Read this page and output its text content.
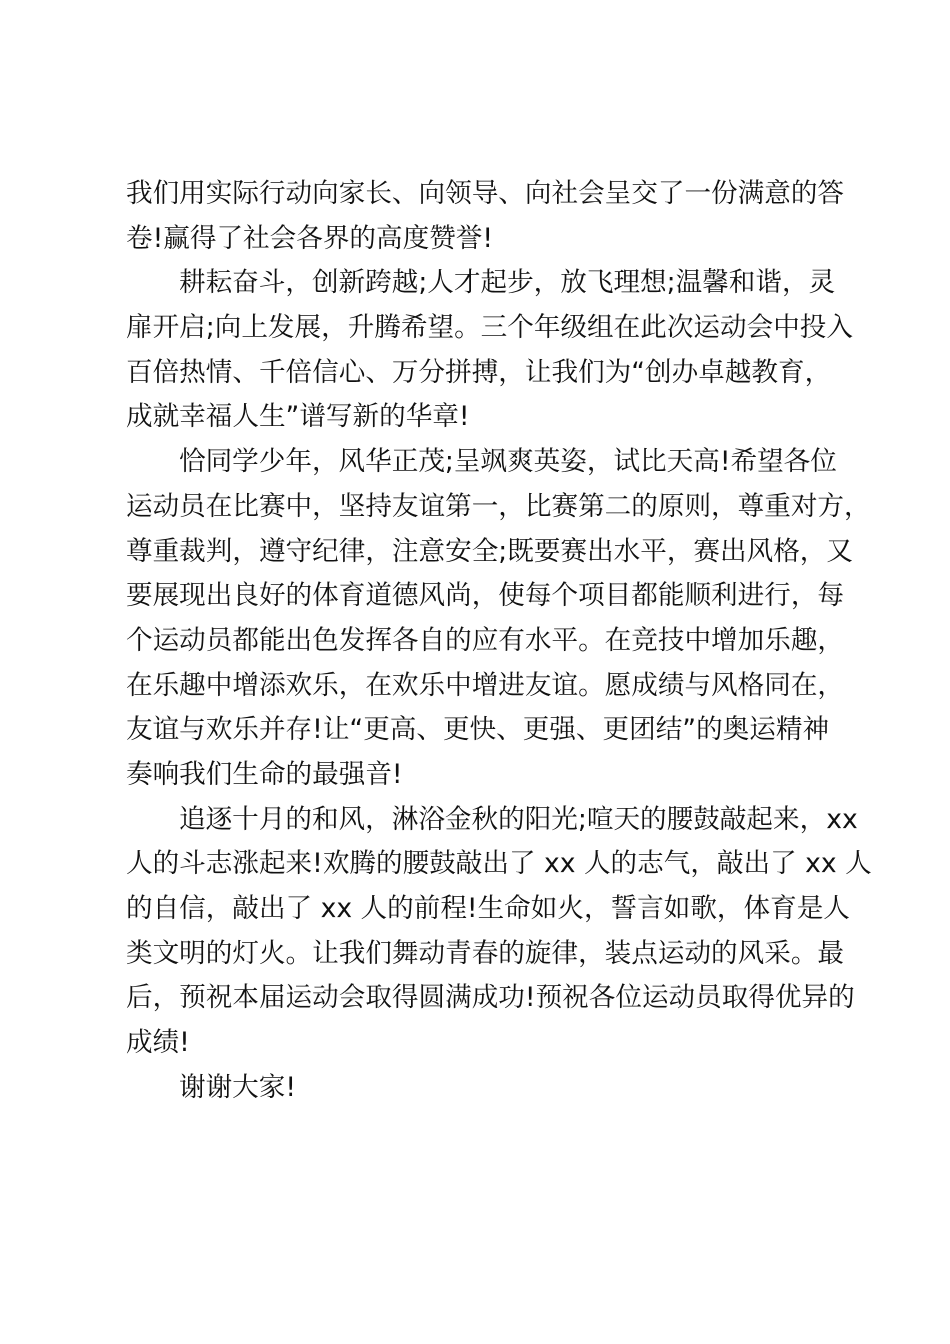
我们用实际行动向家长、向领导、向社会呈交了一份满意的答
卷!赢得了社会各界的高度赞誉!
耕耘奋斗，创新跨越;人才起步，放飞理想;温馨和谐，灵
扉开启;向上发展，升腾希望。三个年级组在此次运动会中投入
百倍热情、千倍信心、万分拼搏，让我们为“创办卓越教育，
成就幸福人生”谱写新的华章!
恰同学少年，风华正茂;呈飒爽英姿，试比天高!希望各位
运动员在比赛中，坚持友谊第一，比赛第二的原则，尊重对方，
尊重裁判，遵守纪律，注意安全;既要赛出水平，赛出风格，又
要展现出良好的体育道德风尚，使每个项目都能顺利进行，每
个运动员都能出色发挥各自的应有水平。在竞技中增加乐趣，
在乐趣中增添欢乐，在欢乐中增进友谊。愿成绩与风格同在，
友谊与欢乐并存!让“更高、更快、更强、更团结”的奥运精神
奏响我们生命的最强音!
追逐十月的和风，淋浴金秋的阳光;喧天的腰鼓敲起来，xx
人的斗志涨起来!欢腾的腰鼓敲出了 xx 人的志气，敲出了 xx 人
的自信，敲出了 xx 人的前程!生命如火，誓言如歌，体育是人
类文明的灯火。让我们舞动青春的旋律，装点运动的风采。最
后，预祝本届运动会取得圆满成功!预祝各位运动员取得优异的
成绩!
谢谢大家!
